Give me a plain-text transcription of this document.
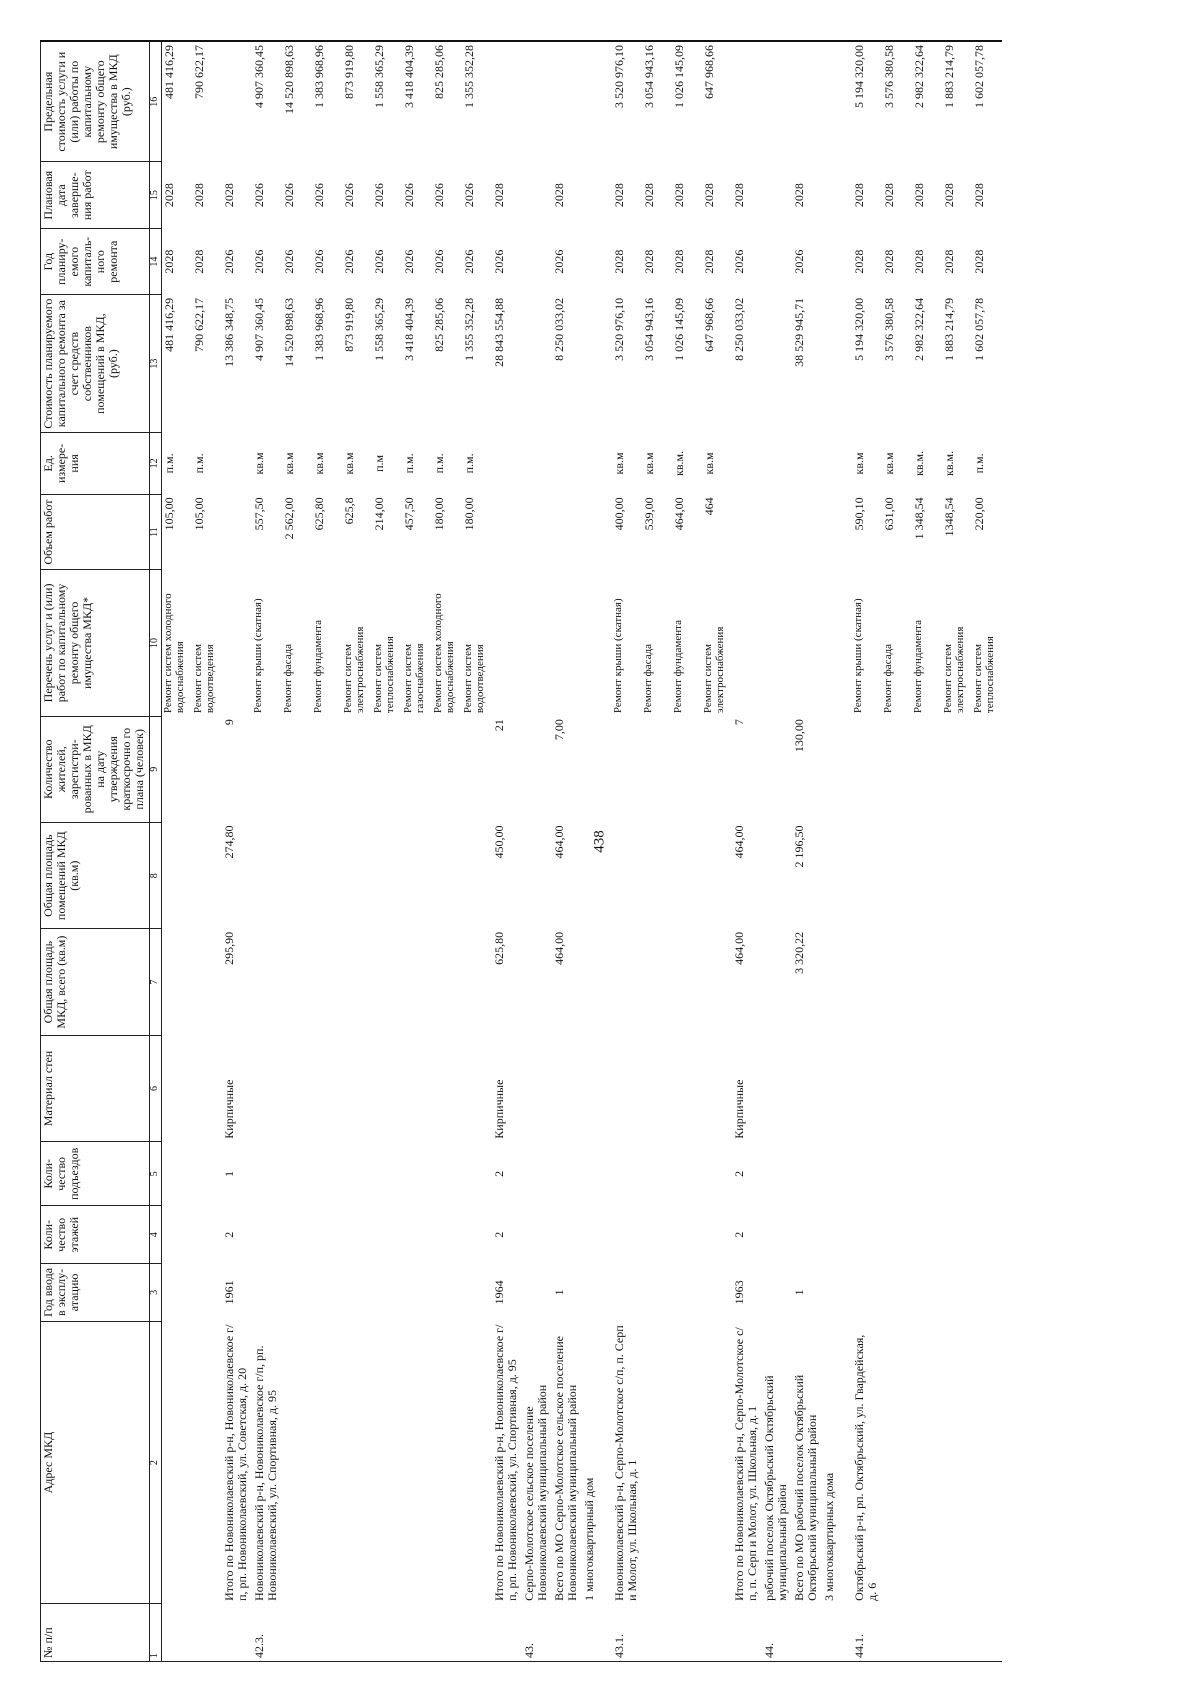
438
№ п/п	Адрес МКД	Год ввода в эксплу-атацию	Коли-чество этажей	Коли-чество подъездов	Материал стен	Общая площадь МКД, всего (кв.м)	Общая площадь помещений МКД (кв.м)	Количество жителей, зарегистри-рованных в МКД на дату утверждения краткосрочно го плана (человек)	Перечень услуг и (или) работ по капитальному ремонту общего имущества МКД*	Объем работ	Ед. измере-ния	Стоимость планируемого капитального ремонта за счет средств собственников помещений в МКД, (руб.)	Год планиру-емого капиталь-ного ремонта	Плановая дата заверше-ния работ	Предельная стоимость услуги и (или) работы по капитальному ремонту общего имущества в МКД (руб.)
1	2	3	4	5	6	7	8	9	10	11	12	13	14	15	16
									Ремонт систем холодного водоснабжения	105,00	п.м.	481 416,29	2028	2028	481 416,29
									Ремонт систем водоотведения	105,00	п.м.	790 622,17	2028	2028	790 622,17
	Итого по Новониколаевский р-н, Новониколаевское г/п, рп. Новониколаевский, ул. Советская, д. 20	1961	2	1	Кирпичные	295,90	274,80	9				13 386 348,75	2026	2028	
42.3.	Новониколаевский р-н, Новониколаевское г/п, рп. Новониколаевский, ул. Спортивная, д. 95								Ремонт крыши (скатная)	557,50	кв.м	4 907 360,45	2026	2026	4 907 360,45
									Ремонт фасада	2 562,00	кв.м	14 520 898,63	2026	2026	14 520 898,63
									Ремонт фундамента	625,80	кв.м	1 383 968,96	2026	2026	1 383 968,96
									Ремонт систем электроснабжения	625,8	кв.м	873 919,80	2026	2026	873 919,80
									Ремонт систем теплоснабжения	214,00	п.м	1 558 365,29	2026	2026	1 558 365,29
									Ремонт систем газоснабжения	457,50	п.м.	3 418 404,39	2026	2026	3 418 404,39
									Ремонт систем холодного водоснабжения	180,00	п.м.	825 285,06	2026	2026	825 285,06
									Ремонт систем водоотведения	180,00	п.м.	1 355 352,28	2026	2026	1 355 352,28
	Итого по Новониколаевский р-н, Новониколаевское г/п, рп. Новониколаевский, ул. Спортивная, д. 95	1964	2	2	Кирпичные	625,80	450,00	21				28 843 554,88	2026	2028	
43.	Серпо-Молотское сельское поселение Новониколаевский муниципальный район														
	Всего по МО Серпо-Молотское сельское поселение Новониколаевский муниципальный район	1				464,00	464,00	7,00				8 250 033,02	2026	2028	
	1 многоквартирный дом														
43.1.	Новониколаевский р-н, Серпо-Молотское с/п, п. Серп и Молот, ул. Школьная, д. 1								Ремонт крыши (скатная)	400,00	кв.м	3 520 976,10	2028	2028	3 520 976,10
									Ремонт фасада	539,00	кв.м	3 054 943,16	2028	2028	3 054 943,16
									Ремонт фундамента	464,00	кв.м.	1 026 145,09	2028	2028	1 026 145,09
									Ремонт систем электроснабжения	464	кв.м	647 968,66	2028	2028	647 968,66
	Итого по Новониколаевский р-н, Серпо-Молотское с/п, п. Серп и Молот, ул. Школьная, д. 1	1963	2	2	Кирпичные	464,00	464,00	7				8 250 033,02	2026	2028	
44.	рабочий поселок Октябрьский Октябрьский муниципальный район														
	Всего по МО рабочий поселок Октябрьский Октябрьский муниципальный район	1				3 320,22	2 196,50	130,00				38 529 945,71	2026	2028	
	3 многоквартирных дома														
44.1.	Октябрьский р-н, рп. Октябрьский, ул. Гвардейская, д. 6								Ремонт крыши (скатная)	590,10	кв.м	5 194 320,00	2028	2028	5 194 320,00
									Ремонт фасада	631,00	кв.м	3 576 380,58	2028	2028	3 576 380,58
									Ремонт фундамента	1 348,54	кв.м.	2 982 322,64	2028	2028	2 982 322,64
									Ремонт систем электроснабжения	1348,54	кв.м.	1 883 214,79	2028	2028	1 883 214,79
									Ремонт систем теплоснабжения	220,00	п.м.	1 602 057,78	2028	2028	1 602 057,78
